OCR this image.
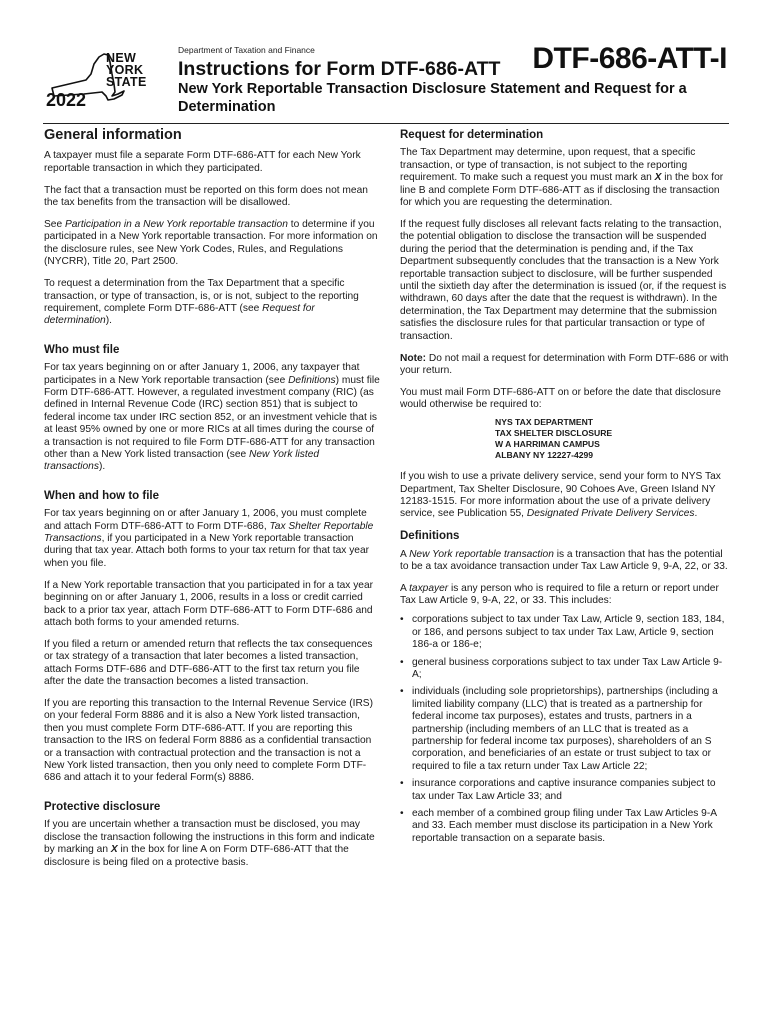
NEW
YORK
STATE
2022
Department of Taxation and Finance
Instructions for Form DTF-686-ATT DTF-686-ATT-I
New York Reportable Transaction Disclosure Statement and Request for a Determination
General information

A taxpayer must file a separate Form DTF-686-ATT for each New York reportable transaction in which they participated.

The fact that a transaction must be reported on this form does not mean the tax benefits from the transaction will be disallowed.

See Participation in a New York reportable transaction to determine if you participated in a New York reportable transaction. For more information on the disclosure rules, see New York Codes, Rules, and Regulations (NYCRR), Title 20, Part 2500.

To request a determination from the Tax Department that a specific transaction, or type of transaction, is, or is not, subject to the reporting requirement, complete Form DTF-686-ATT (see Request for determination).

Who must file

For tax years beginning on or after January 1, 2006, any taxpayer that participates in a New York reportable transaction (see Definitions) must file Form DTF-686-ATT. However, a regulated investment company (RIC) (as defined in Internal Revenue Code (IRC) section 851) that is subject to federal income tax under IRC section 852, or an investment vehicle that is at least 95% owned by one or more RICs at all times during the course of a transaction is not required to file Form DTF-686-ATT for any transaction other than a New York listed transaction (see New York listed transactions).

When and how to file

For tax years beginning on or after January 1, 2006, you must complete and attach Form DTF-686-ATT to Form DTF-686, Tax Shelter Reportable Transactions, if you participated in a New York reportable transaction during that tax year. Attach both forms to your tax return for that tax year when you file.

If a New York reportable transaction that you participated in for a tax year beginning on or after January 1, 2006, results in a loss or credit carried back to a prior tax year, attach Form DTF-686-ATT to Form DTF-686 and attach both forms to your amended returns.

If you filed a return or amended return that reflects the tax consequences or tax strategy of a transaction that later becomes a listed transaction, attach Forms DTF-686 and DTF-686-ATT to the first tax return you file after the date the transaction becomes a listed transaction.

If you are reporting this transaction to the Internal Revenue Service (IRS) on your federal Form 8886 and it is also a New York listed transaction, then you must complete Form DTF-686-ATT. If you are reporting this transaction to the IRS on federal Form 8886 as a confidential transaction or a transaction with contractual protection and the transaction is not a New York listed transaction, then you only need to complete Form DTF-686 and attach it to your federal Form(s) 8886.

Protective disclosure

If you are uncertain whether a transaction must be disclosed, you may disclose the transaction following the instructions in this form and indicate by marking an X in the box for line A on Form DTF-686-ATT that the disclosure is being filed on a protective basis.

Request for determination

The Tax Department may determine, upon request, that a specific transaction, or type of transaction, is not subject to the reporting requirement. To make such a request you must mark an X in the box for line B and complete Form DTF-686-ATT as if disclosing the transaction for which you are requesting the determination.

If the request fully discloses all relevant facts relating to the transaction, the potential obligation to disclose the transaction will be suspended during the period that the determination is pending and, if the Tax Department subsequently concludes that the transaction is a New York reportable transaction subject to disclosure, will be further suspended until the sixtieth day after the determination is issued (or, if the request is withdrawn, 60 days after the date that the request is withdrawn). In the determination, the Tax Department may determine that the submission satisfies the disclosure rules for that particular transaction or type of transaction.

Note: Do not mail a request for determination with Form DTF-686 or with your return.

You must mail Form DTF-686-ATT on or before the date that disclosure would otherwise be required to:

NYS TAX DEPARTMENT
TAX SHELTER DISCLOSURE
W A HARRIMAN CAMPUS
ALBANY NY 12227-4299

If you wish to use a private delivery service, send your form to NYS Tax Department, Tax Shelter Disclosure, 90 Cohoes Ave, Green Island NY 12183-1515. For more information about the use of a private delivery service, see Publication 55, Designated Private Delivery Services.

Definitions

A New York reportable transaction is a transaction that has the potential to be a tax avoidance transaction under Tax Law Article 9, 9-A, 22, or 33.

A taxpayer is any person who is required to file a return or report under Tax Law Article 9, 9-A, 22, or 33. This includes:

• corporations subject to tax under Tax Law, Article 9, section 183, 184, or 186, and persons subject to tax under Tax Law, Article 9, section 186-a or 186-e;
• general business corporations subject to tax under Tax Law Article 9-A;
• individuals (including sole proprietorships), partnerships (including a limited liability company (LLC) that is treated as a partnership for federal income tax purposes), estates and trusts, partners in a partnership (including members of an LLC that is treated as a partnership for federal income tax purposes), shareholders of an S corporation, and beneficiaries of an estate or trust subject to tax or required to file a tax return under Tax Law Article 22;
• insurance corporations and captive insurance companies subject to tax under Tax Law Article 33; and
• each member of a combined group filing under Tax Law Articles 9-A and 33. Each member must disclose its participation in a New York reportable transaction on a separate basis.
